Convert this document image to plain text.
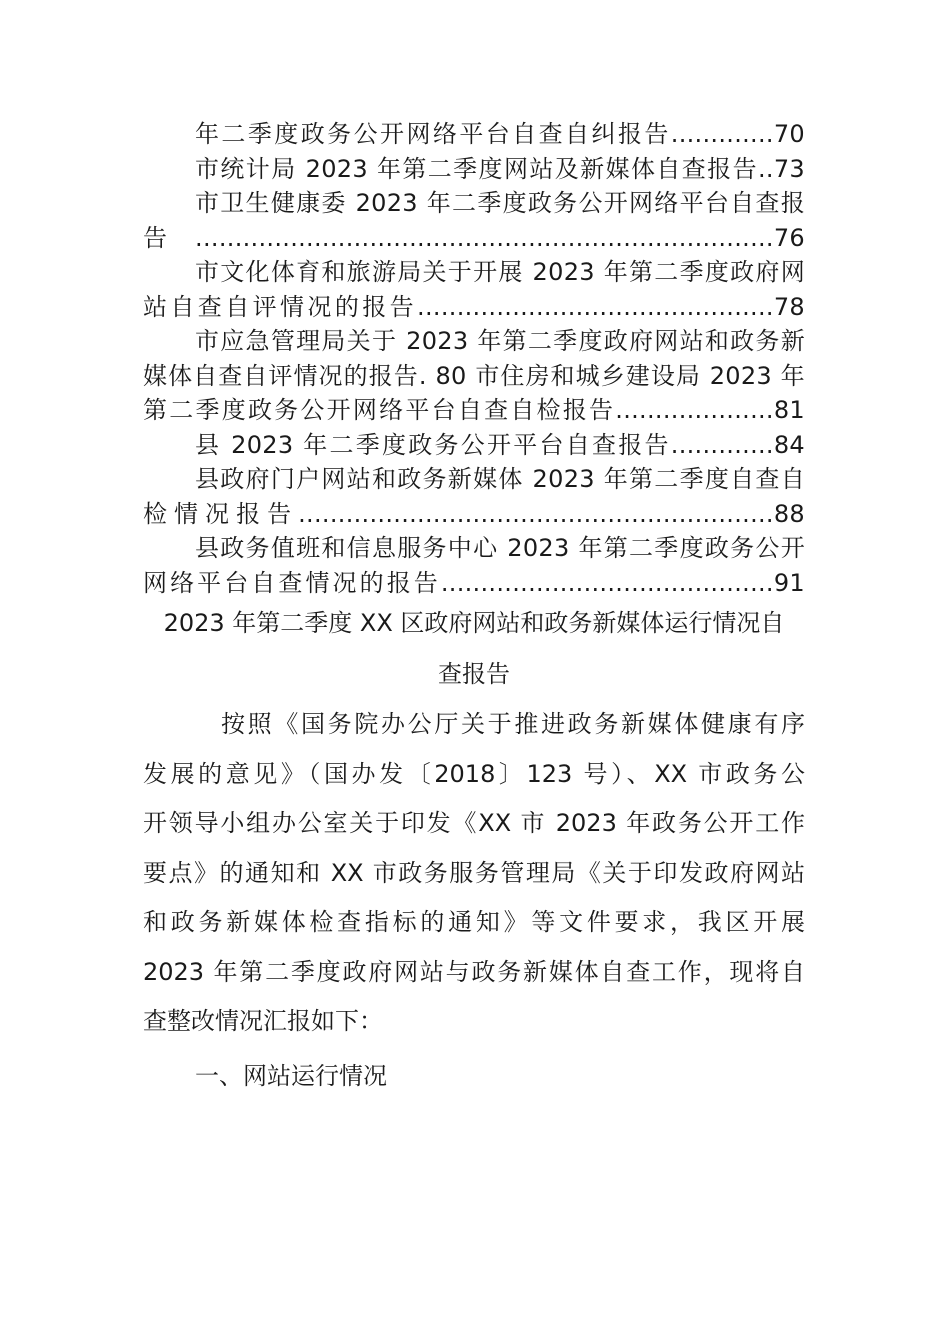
年二季度政务公开网络平台自查自纠报告.............70
市统计局 2023 年第二季度网站及新媒体自查报告..73
市卫生健康委 2023 年二季度政务公开网络平台自查报
告.........................................................................76
市文化体育和旅游局关于开展 2023 年第二季度政府网
站自查自评情况的报告.............................................78
市应急管理局关于 2023 年第二季度政府网站和政务新
媒体自查自评情况的报告. 80 市住房和城乡建设局 2023 年
第二季度政务公开网络平台自查自检报告....................81
县 2023 年二季度政务公开平台自查报告.............84
县政府门户网站和政务新媒体 2023 年第二季度自查自
检情况报告............................................................88
县政务值班和信息服务中心 2023 年第二季度政务公开
网络平台自查情况的报告..........................................91
2023 年第二季度 XX 区政府网站和政务新媒体运行情况自
查报告
按照《国务院办公厅关于推进政务新媒体健康有序
发展的意见》（国办发〔2018〕123 号）、XX 市政务公
开领导小组办公室关于印发《XX 市 2023 年政务公开工作
要点》的通知和 XX 市政务服务管理局《关于印发政府网站
和政务新媒体检查指标的通知》等文件要求，我区开展
2023 年第二季度政府网站与政务新媒体自查工作，现将自
查整改情况汇报如下：
一、网站运行情况
